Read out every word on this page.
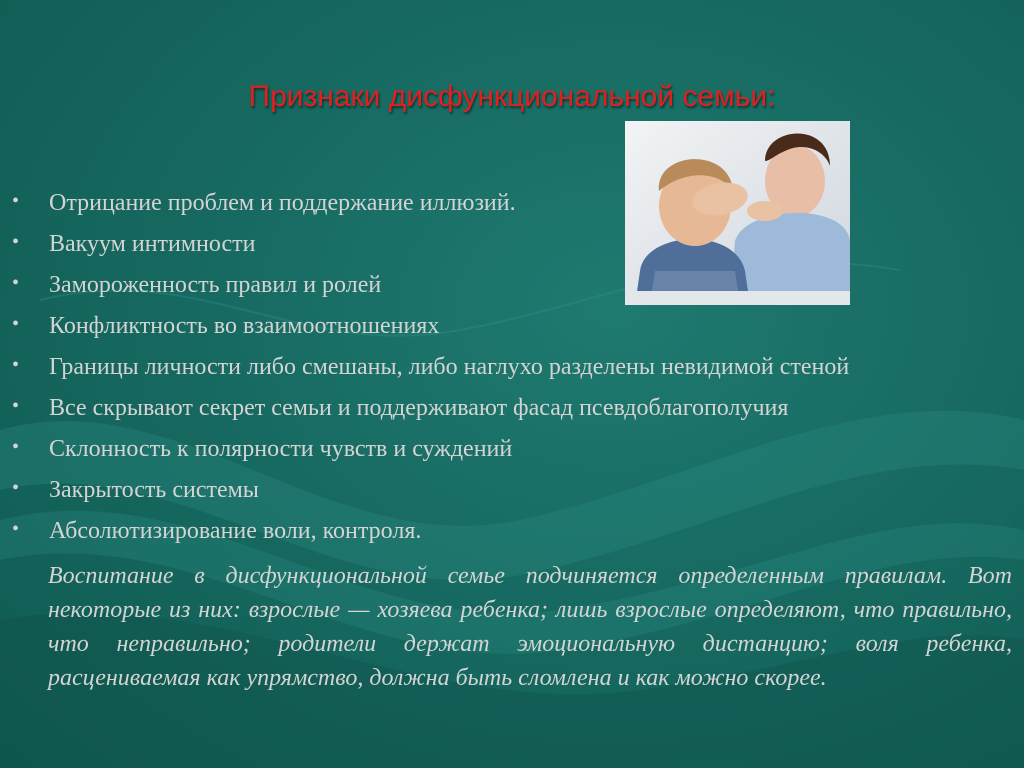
Признаки дисфункциональной семьи:
• Отрицание проблем и поддержание иллюзий.
• Вакуум интимности
• Замороженность правил и ролей
• Конфликтность во взаимоотношениях
• Границы личности либо смешаны, либо наглухо разделены невидимой стеной
• Все скрывают секрет семьи и поддерживают фасад псевдоблагополучия
• Склонность к полярности чувств и суждений
• Закрытость системы
• Абсолютизирование воли, контроля.
Воспитание в дисфункциональной семье подчиняется определенным правилам. Вот некоторые из них: взрослые — хозяева ребенка; лишь взрослые определяют, что правильно, что неправильно; родители держат эмоциональную дистанцию; воля ребенка, расцениваемая как упрямство, должна быть сломлена и как можно скорее.
